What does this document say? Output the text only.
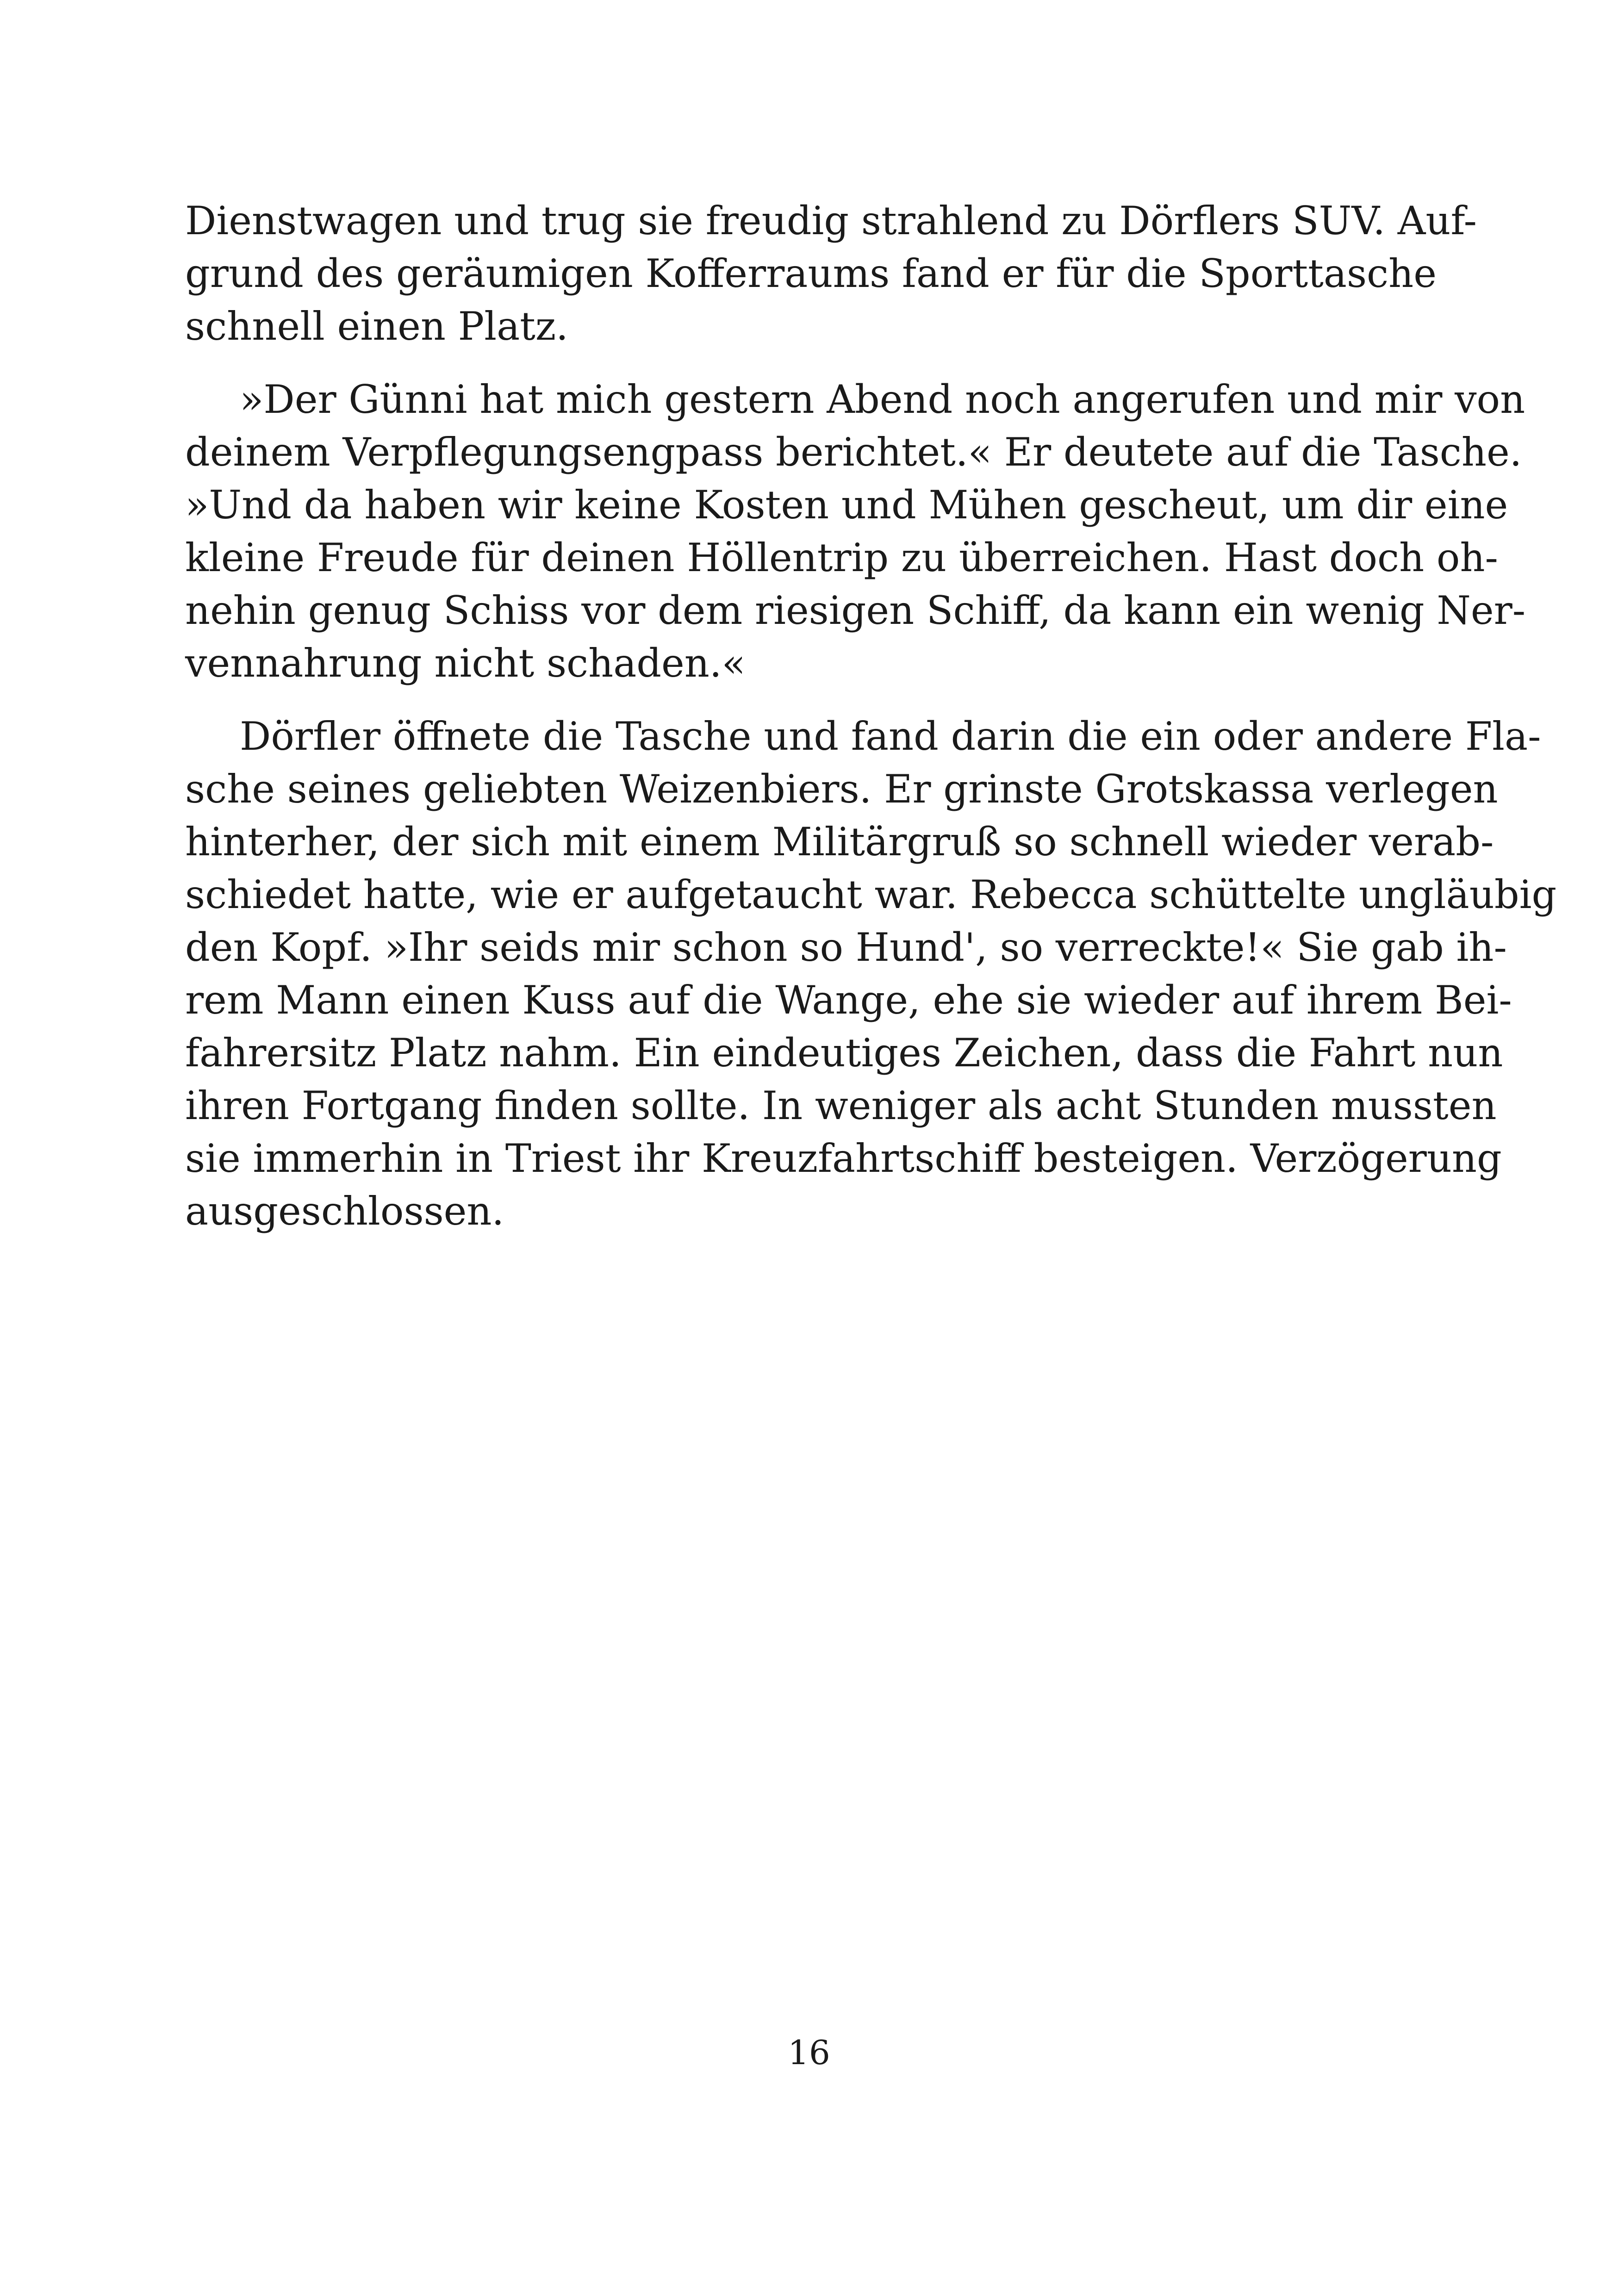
Dienstwagen und trug sie freudig strahlend zu Dörflers SUV. Auf-
grund des geräumigen Kofferraums fand er für die Sporttasche
schnell einen Platz.
»Der Günni hat mich gestern Abend noch angerufen und mir von
deinem Verpflegungsengpass berichtet.« Er deutete auf die Tasche.
»Und da haben wir keine Kosten und Mühen gescheut, um dir eine
kleine Freude für deinen Höllentrip zu überreichen. Hast doch oh-
nehin genug Schiss vor dem riesigen Schiff, da kann ein wenig Ner-
vennahrung nicht schaden.«
Dörfler öffnete die Tasche und fand darin die ein oder andere Fla-
sche seines geliebten Weizenbiers. Er grinste Grotskassa verlegen
hinterher, der sich mit einem Militärgruß so schnell wieder verab-
schiedet hatte, wie er aufgetaucht war. Rebecca schüttelte ungläubig
den Kopf. »Ihr seids mir schon so Hund', so verreckte!« Sie gab ih-
rem Mann einen Kuss auf die Wange, ehe sie wieder auf ihrem Bei-
fahrersitz Platz nahm. Ein eindeutiges Zeichen, dass die Fahrt nun
ihren Fortgang finden sollte. In weniger als acht Stunden mussten
sie immerhin in Triest ihr Kreuzfahrtschiff besteigen. Verzögerung
ausgeschlossen.
16
